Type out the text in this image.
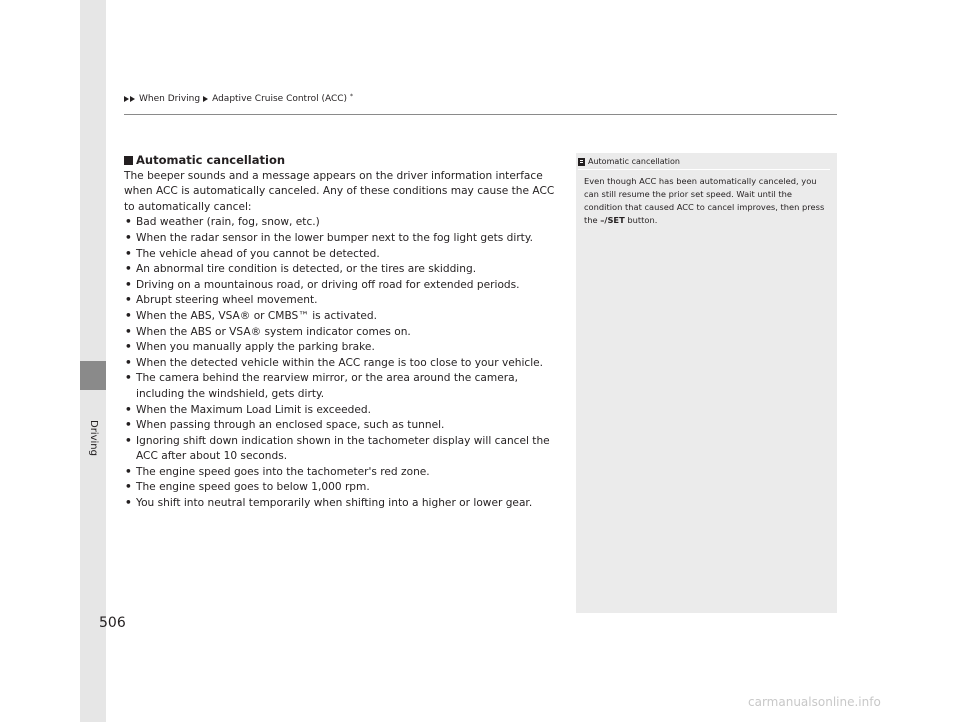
Driving
When Driving Adaptive Cruise Control (ACC) *
Automatic cancellation

The beeper sounds and a message appears on the driver information interface when ACC is automatically canceled. Any of these conditions may cause the ACC to automatically cancel:

• Bad weather (rain, fog, snow, etc.)
• When the radar sensor in the lower bumper next to the fog light gets dirty.
• The vehicle ahead of you cannot be detected.
• An abnormal tire condition is detected, or the tires are skidding.
• Driving on a mountainous road, or driving off road for extended periods.
• Abrupt steering wheel movement.
• When the ABS, VSA® or CMBS™ is activated.
• When the ABS or VSA® system indicator comes on.
• When you manually apply the parking brake.
• When the detected vehicle within the ACC range is too close to your vehicle.
• The camera behind the rearview mirror, or the area around the camera, including the windshield, gets dirty.
• When the Maximum Load Limit is exceeded.
• When passing through an enclosed space, such as tunnel.
• Ignoring shift down indication shown in the tachometer display will cancel the ACC after about 10 seconds.
• The engine speed goes into the tachometer's red zone.
• The engine speed goes to below 1,000 rpm.
• You shift into neutral temporarily when shifting into a higher or lower gear.
Automatic cancellation
Even though ACC has been automatically canceled, you can still resume the prior set speed. Wait until the condition that caused ACC to cancel improves, then press the –/SET button.
506
carmanualsonline.info
